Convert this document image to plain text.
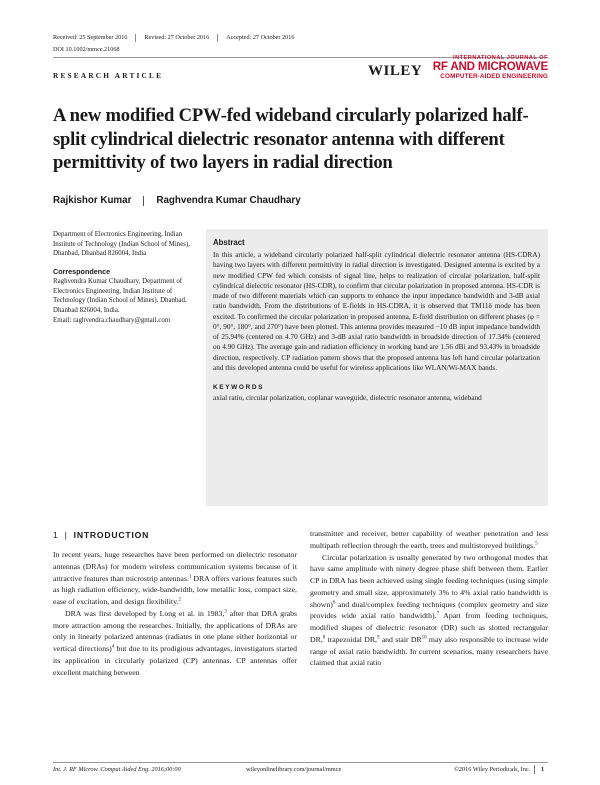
Received: 25 September 2016	Revised: 27 October 2016	Accepted: 27 October 2016
DOI 10.1002/mmce.21068
RESEARCH ARTICLE	WILEY
INTERNATIONAL JOURNAL OF
RF AND MICROWAVE
COMPUTER-AIDED ENGINEERING
A new modified CPW-fed wideband circularly polarized half-split cylindrical dielectric resonator antenna with different permittivity of two layers in radial direction
Rajkishor Kumar	Raghvendra Kumar Chaudhary
Department of Electronics Engineering, Indian Institute of Technology (Indian School of Mines), Dhanbad, Dhanbad 826004, India
Correspondence
Raghvendra Kumar Chaudhary, Department of Electronics Engineering, Indian Institute of Technology (Indian School of Mines), Dhanbad, Dhanbad 826004, India.
Email: raghvendra.chaudhary@gmail.com
Abstract
In this article, a wideband circularly polarized half-split cylindrical dielectric resonator antenna (HS-CDRA) having two layers with different permittivity in radial direction is investigated. Designed antenna is excited by a new modified CPW fed which consists of signal line, helps to realization of circular polarization, half-split cylindrical dielectric resonator (HS-CDR), to confirm that circular polarization in proposed antenna. HS-CDR is made of two different materials which can supports to enhance the input impedance bandwidth and 3-dB axial ratio bandwidth. From the distributions of E-fields in HS-CDRA, it is observed that TM11δ mode has been excited. To confirmed the circular polarization in proposed antenna, E-field distribution on different phases (φ = 0°, 90°, 180°, and 270°) have been plotted. This antenna provides measured −10 dB input impedance bandwidth of 25.94% (centered on 4.70 GHz) and 3-dB axial ratio bandwidth in broadside direction of 17.34% (centered on 4.90 GHz). The average gain and radiation efficiency in working band are 1.56 dBi and 93.43% in broadside direction, respectively. CP radiation pattern shows that the proposed antenna has left hand circular polarization and this developed antenna could be useful for wireless applications like WLAN/Wi-MAX bands.
KEYWORDS
axial ratio, circular polarization, coplanar waveguide, dielectric resonator antenna, wideband
1 | INTRODUCTION

In recent years, huge researches have been performed on dielectric resonator antennas (DRAs) for modern wireless communication systems because of it attractive features than microstrip antennas.$^1$ DRA offers various features such as high radiation efficiency, wide-bandwidth, low metallic loss, compact size, ease of excitation, and design flexibility.$^2$

DRA was first developed by Long et al. in 1983,$^3$ after that DRA grabs more attraction among the researches. Initially, the applications of DRAs are only in linearly polarized antennas (radiates in one plane either horizontal or vertical directions)$^4$ but due to its prodigious advantages, investigators started its application in circularly polarized (CP) antennas. CP antennas offer excellent matching between

transmitter and receiver, better capability of weather penetration and less multipath reflection through the earth, trees and multistoreyed buildings.$^5$

Circular polarization is usually generated by two orthogonal modes that have same amplitude with ninety degree phase shift between them. Earlier CP in DRA has been achieved using single feeding techniques (using simple geometry and small size, approximately 3% to 4% axial ratio bandwidth is shown)$^6$ and dual/complex feeding techniques (complex geometry and size provides wide axial ratio bandwidth).$^7$ Apart from feeding techniques, modified shapes of dielectric resonator (DR) such as slotted rectangular DR,$^8$ trapezoidal DR,$^9$ and stair DR$^{10}$ may also responsible to increase wide range of axial ratio bandwidth. In current scenarios, many researchers have claimed that axial ratio

Int. J. RF Microw. Comput Aided Eng. 2016;00:00	wileyonlinelibrary.com/journal/mmce	©2016 Wiley Periodicals, Inc. 1
